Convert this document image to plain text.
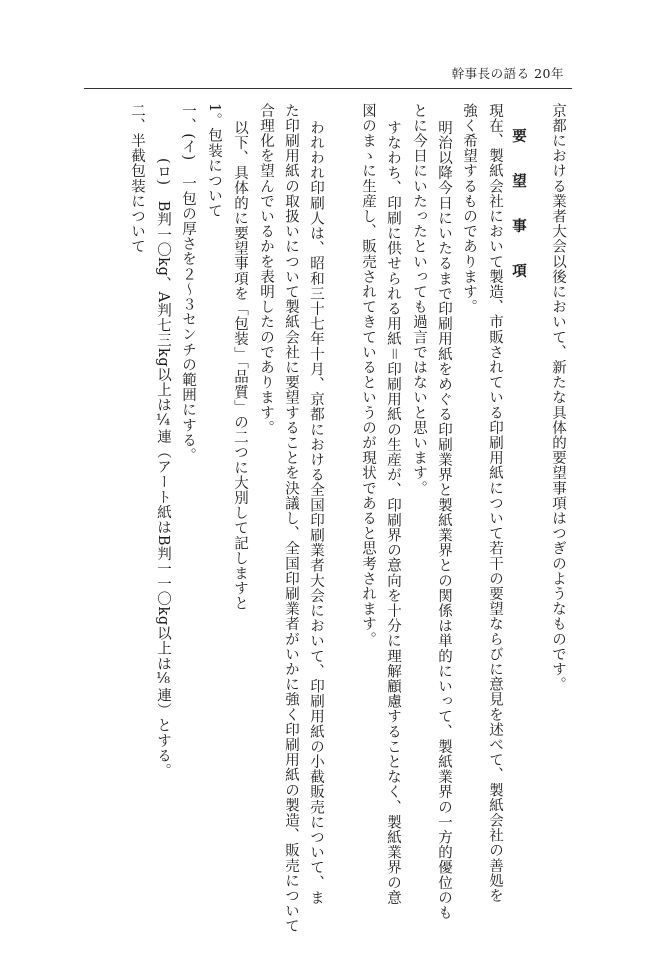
幹事長の語る 20年
京都における業者大会以後において、新たな具体的要望事項はつぎのようなものです。
要　望　事　項
現在、製紙会社において製造、市販されている印刷用紙について若干の要望ならびに意見を述べて、製紙会社の善処を
強く希望するものであります。
明治以降今日にいたるまで印刷用紙をめぐる印刷業界と製紙業界との関係は単的にいって、製紙業界の一方的優位のも
とに今日にいたったといっても過言ではないと思います。
すなわち、印刷に供せられる用紙＝印刷用紙の生産が、印刷界の意向を十分に理解顧慮することなく、製紙業界の意
図のまゝに生産し、販売されてきているというのが現状であると思考されます。
われわれ印刷人は、昭和三十七年十月、京都における全国印刷業者大会において、印刷用紙の小截販売について、ま
た印刷用紙の取扱いについて製紙会社に要望することを決議し、全国印刷業者がいかに強く印刷用紙の製造、販売について
合理化を望んでいるかを表明したのであります。
以下、具体的に要望事項を「包装」「品質」の二つに大別して記しますと
1。包装について
一、(イ)　一包の厚さを２～３センチの範囲にする。
(ロ)　B判一〇kg、A判七三kg以上は¼連（アート紙はB判一一〇kg以上は⅛連）とする。
二、半截包装について
